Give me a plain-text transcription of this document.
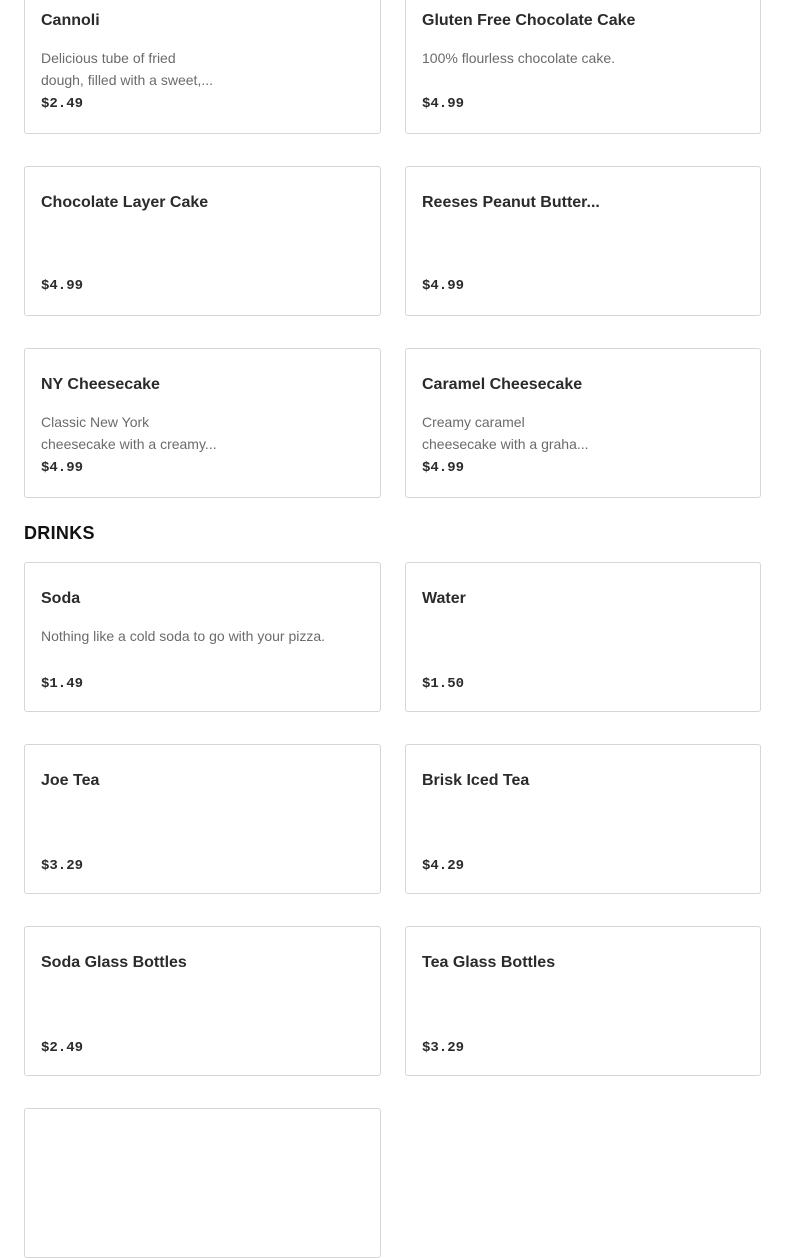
Cannoli
Delicious tube of fried
dough, filled with a sweet,...
$2.49
Gluten Free Chocolate Cake
100% flourless chocolate cake.
$4.99
Chocolate Layer Cake
$4.99
Reeses Peanut Butter...
$4.99
NY Cheesecake
Classic New York
cheesecake with a creamy...
$4.99
Caramel Cheesecake
Creamy caramel
cheesecake with a graha...
$4.99
DRINKS
Soda
Nothing like a cold soda to go with your pizza.
$1.49
Water
$1.50
Joe Tea
$3.29
Brisk Iced Tea
$4.29
Soda Glass Bottles
$2.49
Tea Glass Bottles
$3.29
